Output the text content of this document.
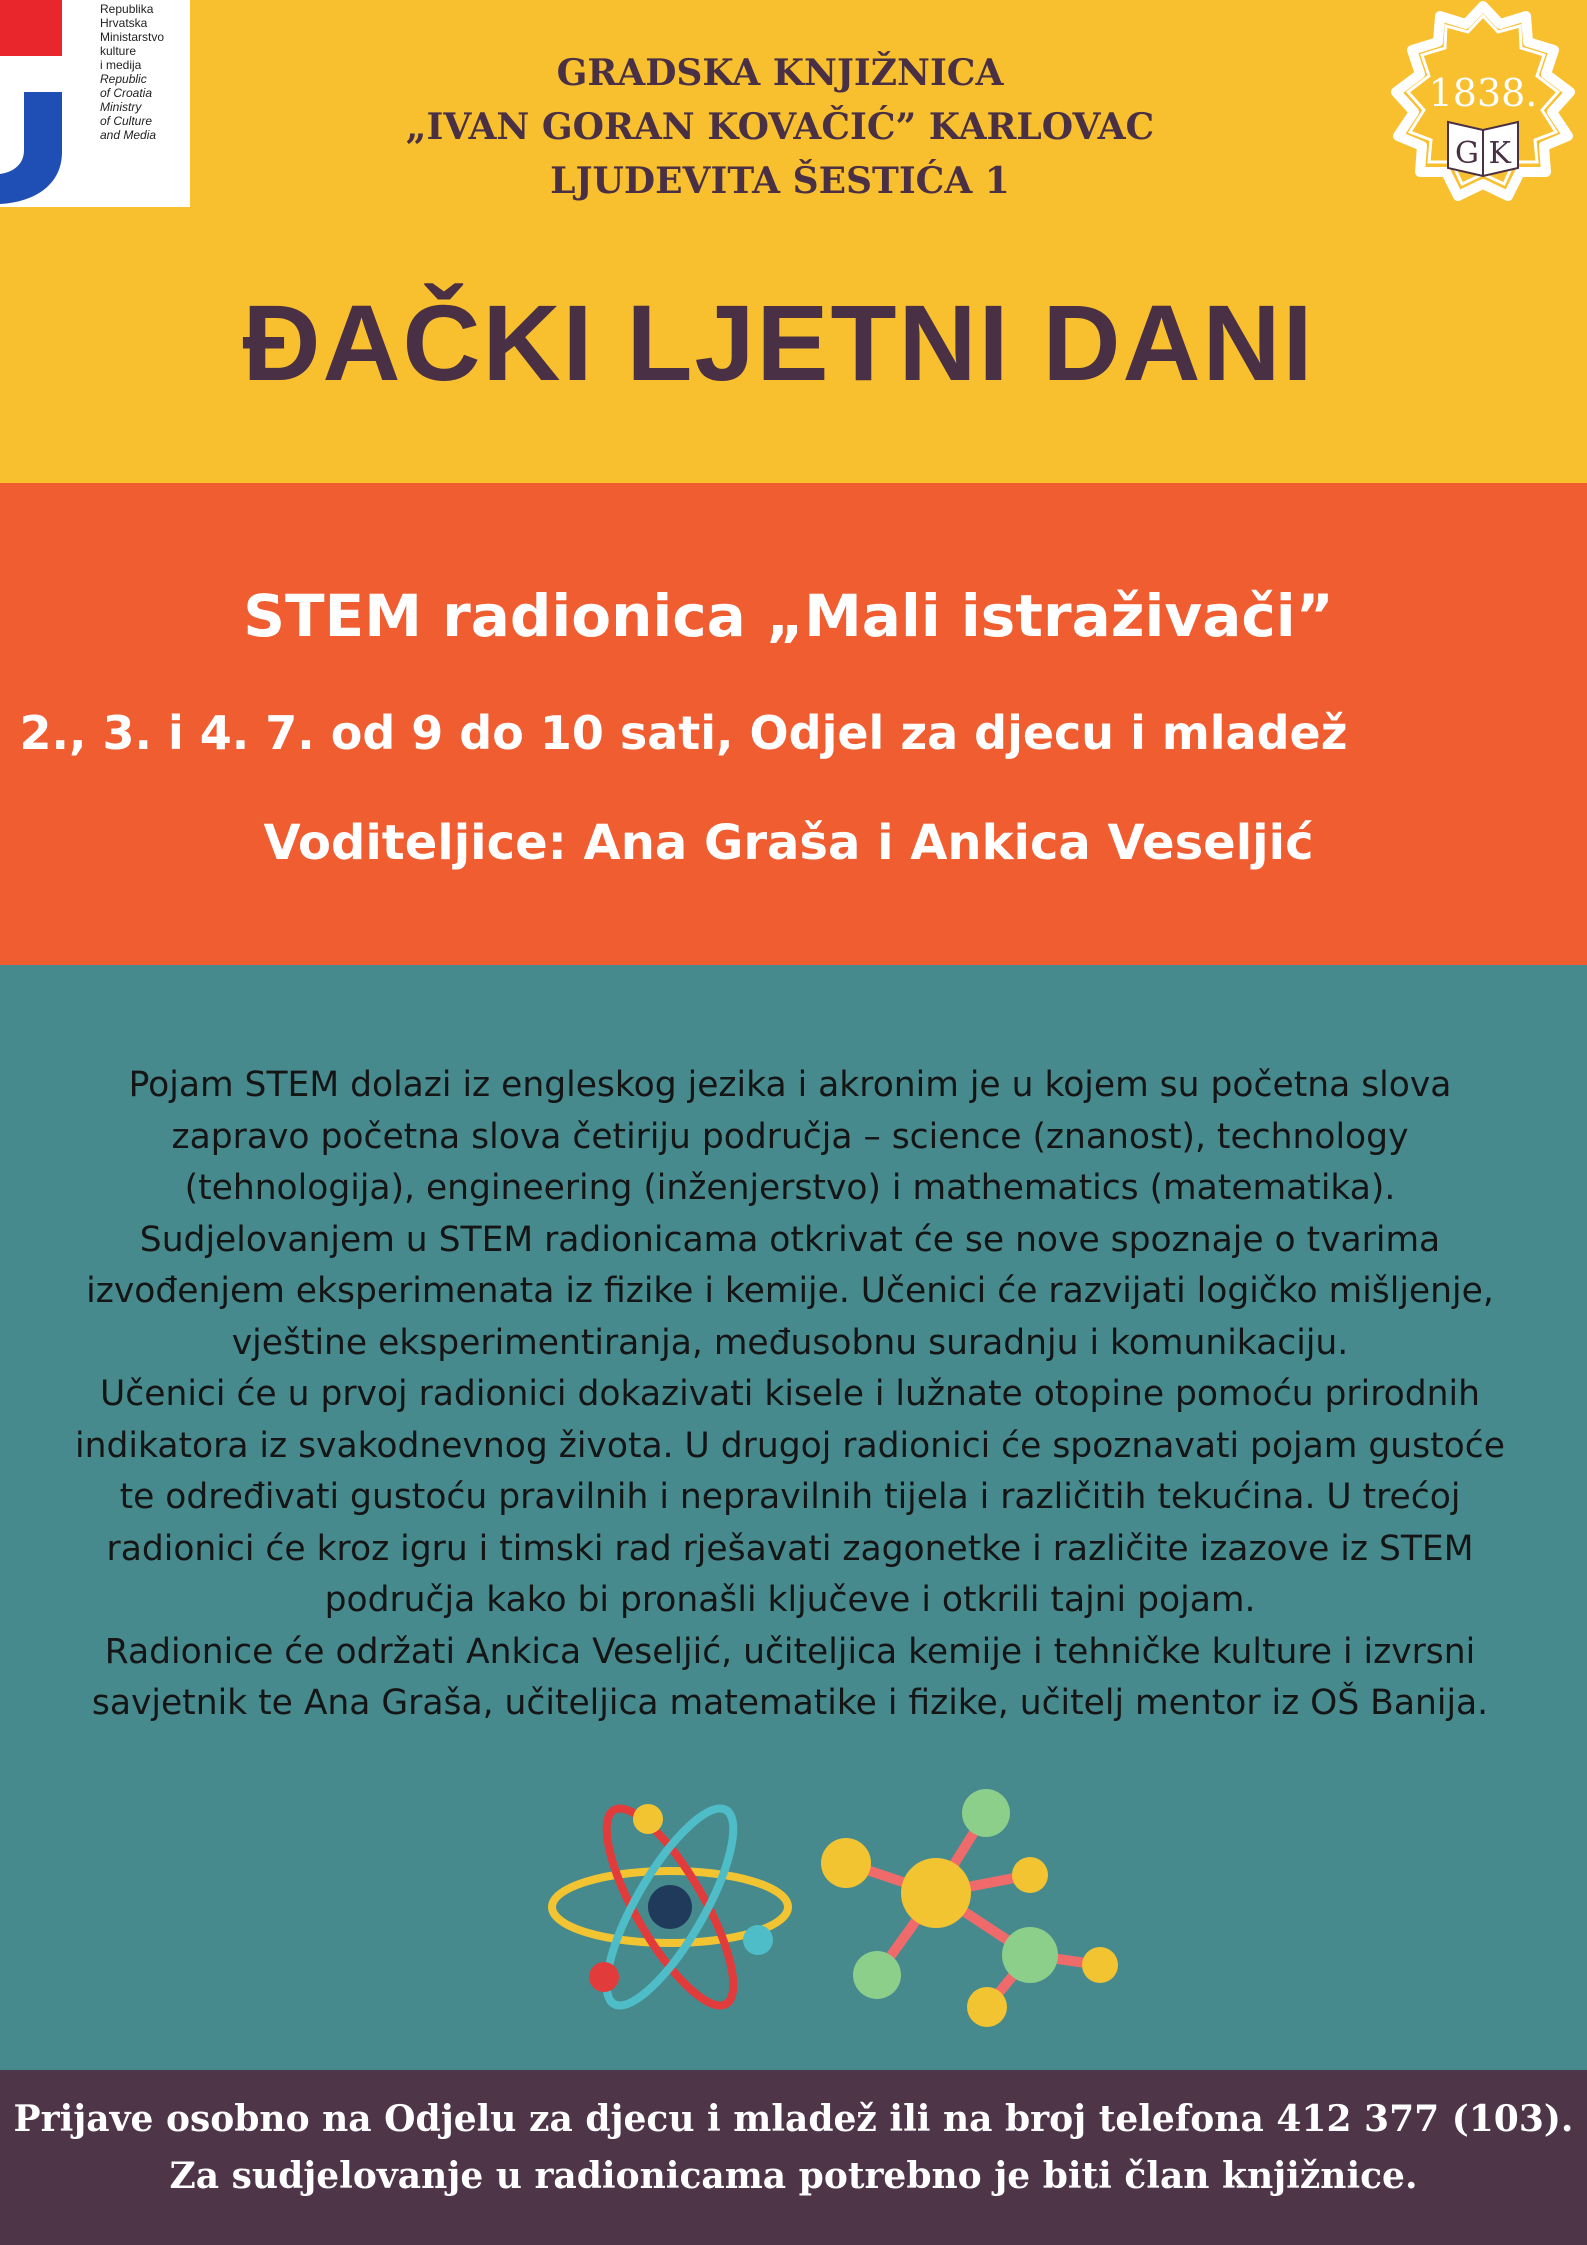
Republika
Hrvatska
Ministarstvo
kulture
i medija
Republic
of Croatia
Ministry
of Culture
and Media
GRADSKA KNJIŽNICA
„IVAN GORAN KOVAČIĆ” KARLOVAC
LJUDEVITA ŠESTIĆA 1
1838.
G K
ĐAČKI LJETNI DANI
STEM radionica „Mali istraživači”
2., 3. i 4. 7. od 9 do 10 sati, Odjel za djecu i mladež
Voditeljice: Ana Graša i Ankica Veseljić

Pojam STEM dolazi iz engleskog jezika i akronim je u kojem su početna slova zapravo početna slova četiriju područja – science (znanost), technology (tehnologija), engineering (inženjerstvo) i mathematics (matematika). Sudjelovanjem u STEM radionicama otkrivat će se nove spoznaje o tvarima izvođenjem eksperimenata iz fizike i kemije. Učenici će razvijati logičko mišljenje, vještine eksperimentiranja, međusobnu suradnju i komunikaciju.

Učenici će u prvoj radionici dokazivati kisele i lužnate otopine pomoću prirodnih indikatora iz svakodnevnog života. U drugoj radionici će spoznavati pojam gustoće te određivati gustoću pravilnih i nepravilnih tijela i različitih tekućina. U trećoj radionici će kroz igru i timski rad rješavati zagonetke i različite izazove iz STEM područja kako bi pronašli ključeve i otkrili tajni pojam.

Radionice će održati Ankica Veseljić, učiteljica kemije i tehničke kulture i izvrsni savjetnik te Ana Graša, učiteljica matematike i fizike, učitelj mentor iz OŠ Banija.

Prijave osobno na Odjelu za djecu i mladež ili na broj telefona 412 377 (103).
Za sudjelovanje u radionicama potrebno je biti član knjižnice.
